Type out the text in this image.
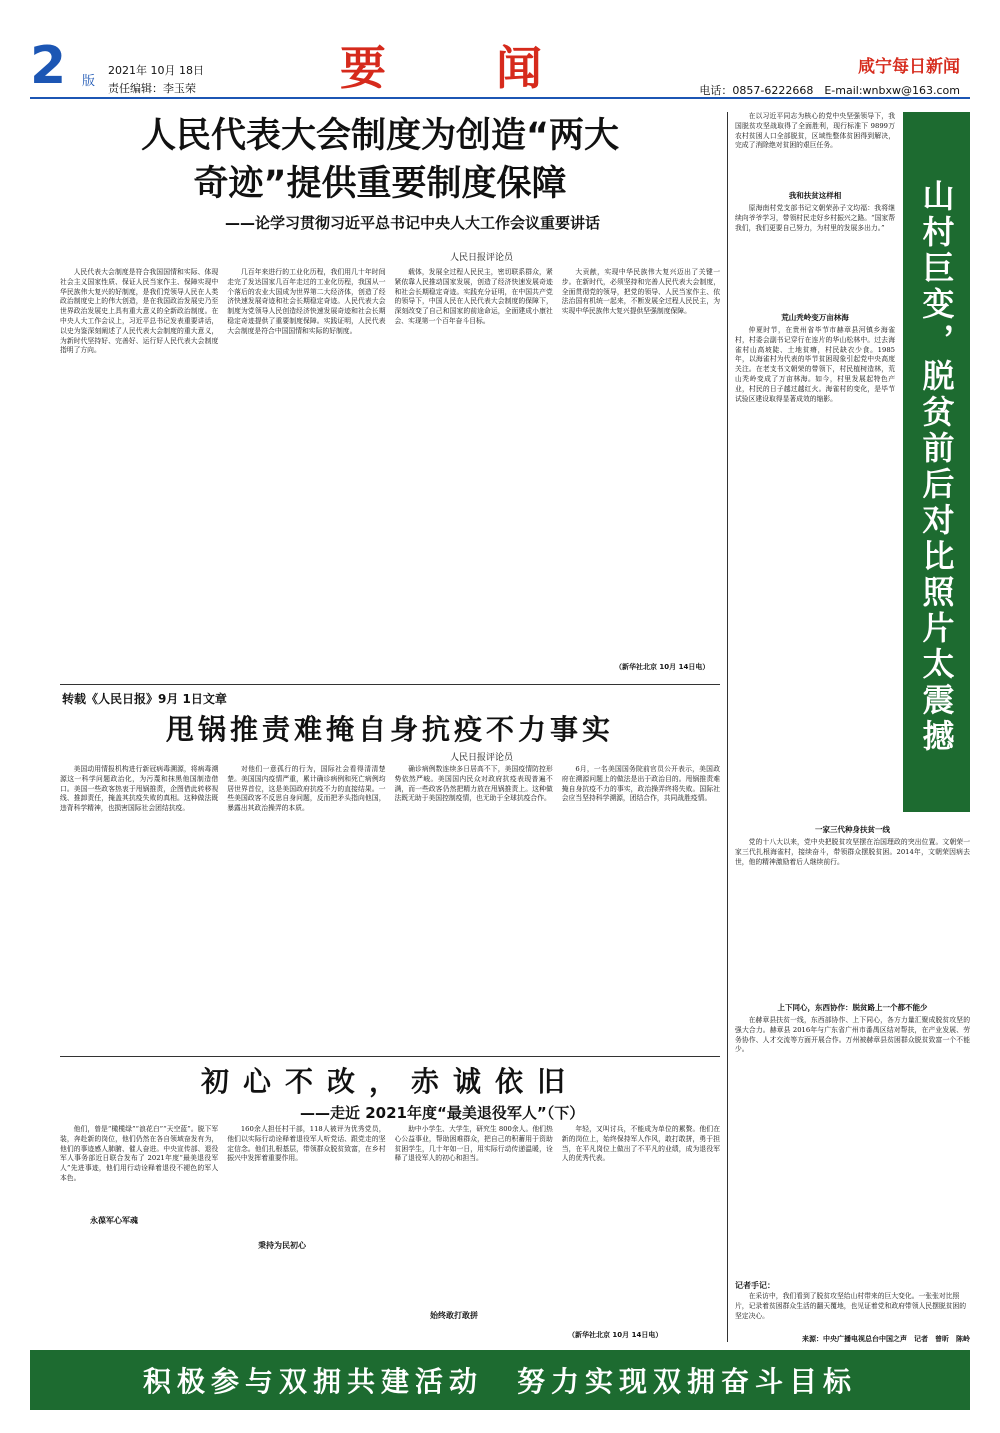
2 版
2021年 10月 18日
责任编辑：李玉荣	要闻	咸宁每日新闻
电话：0857-6222668　E-mail:wnbxw@163.com
人民代表大会制度为创造“两大
奇迹”提供重要制度保障
——论学习贯彻习近平总书记中央人大工作会议重要讲话
人民日报评论员

人民代表大会制度是符合我国国情和实际、体现社会主义国家性质、保证人民当家作主、保障实现中华民族伟大复兴的好制度，是我们党领导人民在人类政治制度史上的伟大创造，是在我国政治发展史乃至世界政治发展史上具有重大意义的全新政治制度。在中央人大工作会议上，习近平总书记发表重要讲话，以史为鉴深刻阐述了人民代表大会制度的重大意义，为新时代坚持好、完善好、运行好人民代表大会制度指明了方向。

几百年来进行的工业化历程，我们用几十年时间走完了发达国家几百年走过的工业化历程，我国从一个落后的农业大国成为世界第二大经济体，创造了经济快速发展奇迹和社会长期稳定奇迹。人民代表大会制度为党领导人民创造经济快速发展奇迹和社会长期稳定奇迹提供了重要制度保障。实践证明，人民代表大会制度是符合中国国情和实际的好制度。

载体，发展全过程人民民主，密切联系群众，紧紧依靠人民推动国家发展，创造了经济快速发展奇迹和社会长期稳定奇迹。实践充分证明，在中国共产党的领导下，中国人民在人民代表大会制度的保障下，深刻改变了自己和国家的前途命运，全面建成小康社会、实现第一个百年奋斗目标。

大贡献，实现中华民族伟大复兴迈出了关键一步。在新时代，必须坚持和完善人民代表大会制度，全面贯彻党的领导，把党的领导、人民当家作主、依法治国有机统一起来，不断发展全过程人民民主，为实现中华民族伟大复兴提供坚强制度保障。

（新华社北京 10月 14日电）
转载《人民日报》9月 1日文章
甩锅推责难掩自身抗疫不力事实
人民日报评论员

美国动用情报机构进行新冠病毒溯源，将病毒溯源这一科学问题政治化，为污蔑和抹黑他国制造借口。美国一些政客热衷于甩锅推责，企图借此转移视线、推卸责任，掩盖其抗疫失败的真相。这种做法既违背科学精神，也损害国际社会团结抗疫。

对他们一意孤行的行为，国际社会看得清清楚楚。美国国内疫情严重，累计确诊病例和死亡病例均居世界首位，这是美国政府抗疫不力的直接结果。一些美国政客不反思自身问题，反而把矛头指向他国，暴露出其政治操弄的本质。

确诊病例数连续多日居高不下，美国疫情防控形势依然严峻。美国国内民众对政府抗疫表现普遍不满，而一些政客仍然把精力放在甩锅推责上。这种做法既无助于美国控制疫情，也无助于全球抗疫合作。

6月，一名美国国务院前官员公开表示，美国政府在溯源问题上的做法是出于政治目的。甩锅推责难掩自身抗疫不力的事实，政治操弄终将失败。国际社会应当坚持科学溯源，团结合作，共同战胜疫情。

初心不改，赤诚依旧
——走近 2021年度“最美退役军人”（下）

他们，曾是“橄榄绿”“浪花白”“天空蓝”。脱下军装，奔赴新的岗位，他们仍然在各自领域奋发有为，他们的事迹感人肺腑、催人奋进。中央宣传部、退役军人事务部近日联合发布了 2021年度“最美退役军人”先进事迹，他们用行动诠释着退役不褪色的军人本色。

160余人担任村干部，118人被评为优秀党员，他们以实际行动诠释着退役军人听党话、跟党走的坚定信念。他们扎根基层，带领群众脱贫致富，在乡村振兴中发挥着重要作用。

助中小学生、大学生，研究生 800余人。他们热心公益事业，帮助困难群众，把自己的积蓄用于资助贫困学生，几十年如一日，用实际行动传递温暖，诠释了退役军人的初心和担当。

年轻，又叫讨兵，不能成为单位的累赘。他们在新的岗位上，始终保持军人作风，敢打敢拼，勇于担当，在平凡岗位上做出了不平凡的业绩，成为退役军人的优秀代表。

永葆军心军魂
秉持为民初心
始终敢打敢拼
（新华社北京 10月 14日电）
在以习近平同志为核心的党中央坚强领导下，我国脱贫攻坚战取得了全面胜利，现行标准下 9899万农村贫困人口全部脱贫，区域性整体贫困得到解决，完成了消除绝对贫困的艰巨任务。
山村巨变，脱贫前后对比照片太震撼
我和扶贫这样相
原海南村党支部书记文朝荣孙子文均福：我将继续向爷爷学习，带领村民走好乡村振兴之路。“国家帮我们，我们更要自己努力，为村里的发展多出力。”
荒山秃岭变万亩林海
仲夏时节，在贵州省毕节市赫章县河镇乡海雀村，村委会副书记穿行在连片的华山松林中。过去海雀村山高坡陡、土地贫瘠，村民缺衣少食。1985年，以海雀村为代表的毕节贫困现象引起党中央高度关注。在老支书文朝荣的带领下，村民植树造林，荒山秃岭变成了万亩林海。如今，村里发展起特色产业，村民的日子越过越红火。海雀村的变化，是毕节试验区建设取得显著成效的缩影。
一家三代种身扶贫一线
党的十八大以来，党中央把脱贫攻坚摆在治国理政的突出位置。文朝荣一家三代扎根海雀村，接续奋斗，带领群众摆脱贫困。2014年，文朝荣因病去世，他的精神激励着后人继续前行。
上下同心，东西协作：脱贫路上一个都不能少
在赫章县扶贫一线，东西部协作、上下同心，各方力量汇聚成脱贫攻坚的强大合力。赫章县 2016年与广东省广州市番禺区结对帮扶，在产业发展、劳务协作、人才交流等方面开展合作。万州被赫章县贫困群众脱贫致富一个不能少。
记者手记：
在采访中，我们看到了脱贫攻坚给山村带来的巨大变化。一张张对比照片，记录着贫困群众生活的翻天覆地，也见证着党和政府带领人民摆脱贫困的坚定决心。
来源：中央广播电视总台中国之声　记者　曾昕　陈岭
积极参与双拥共建活动　努力实现双拥奋斗目标
